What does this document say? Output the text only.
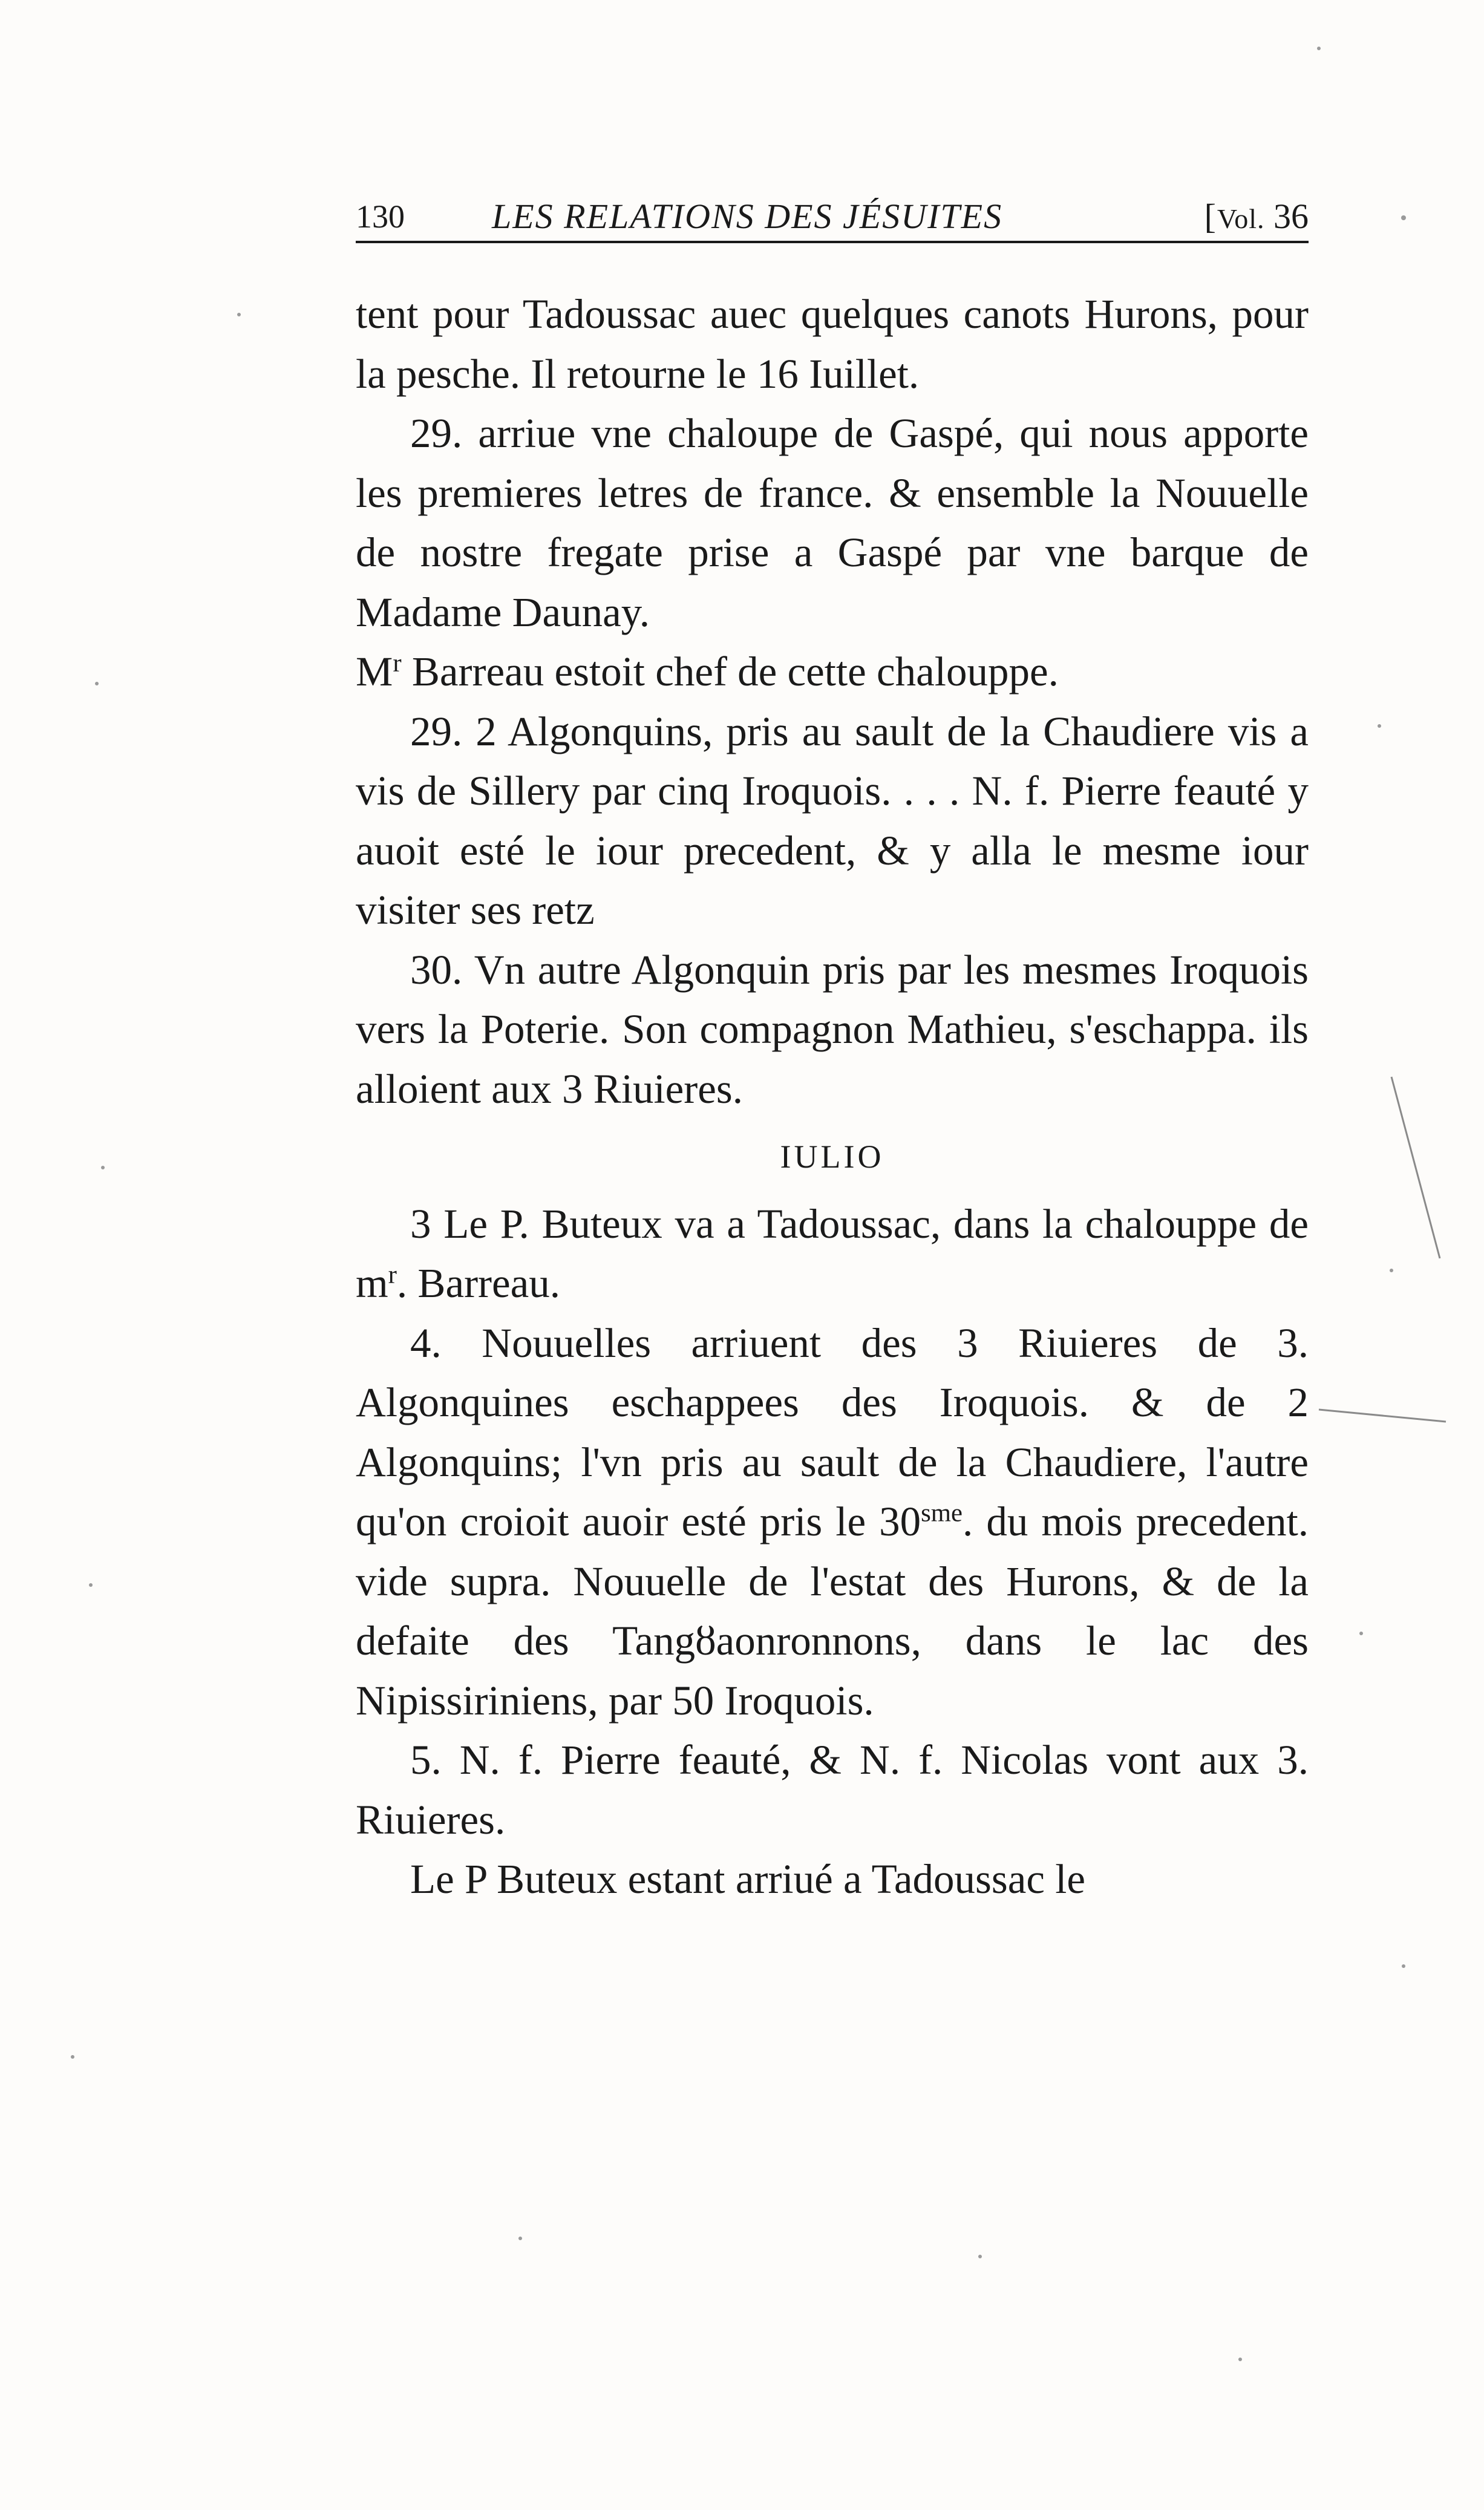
130 LES RELATIONS DES JÉSUITES	[Vol. 36

tent pour Tadoussac auec quelques canots Hurons, pour la pesche. Il retourne le 16 Iuillet.

29. arriue vne chaloupe de Gaspé, qui nous apporte les premieres letres de france. & ensemble la Nouuelle de nostre fregate prise a Gaspé par vne barque de Madame Daunay.
$M^r$ Barreau estoit chef de cette chalouppe.

29. 2 Algonquins, pris au sault de la Chaudiere vis a vis de Sillery par cinq Iroquois. . . . N. f. Pierre feauté y auoit esté le iour precedent, & y alla le mesme iour visiter ses retz

30. Vn autre Algonquin pris par les mesmes Iroquois vers la Poterie. Son compagnon Mathieu, s'eschappa. ils alloient aux 3 Riuieres.

IULIO

3 Le P. Buteux va a Tadoussac, dans la chalouppe de $m^r$. Barreau.

4. Nouuelles arriuent des 3 Riuieres de 3. Algonquines eschappees des Iroquois. & de 2 Algonquins; l'vn pris au sault de la Chaudiere, l'autre qu'on croioit auoir esté pris le $30^{sme}$. du mois precedent. vide supra. Nouuelle de l'estat des Hurons, & de la defaite des Tangȣaonronnons, dans le lac des Nipissiriniens, par 50 Iroquois.

5. N. f. Pierre feauté, & N. f. Nicolas vont aux 3. Riuieres.

Le P Buteux estant arriué a Tadoussac le
